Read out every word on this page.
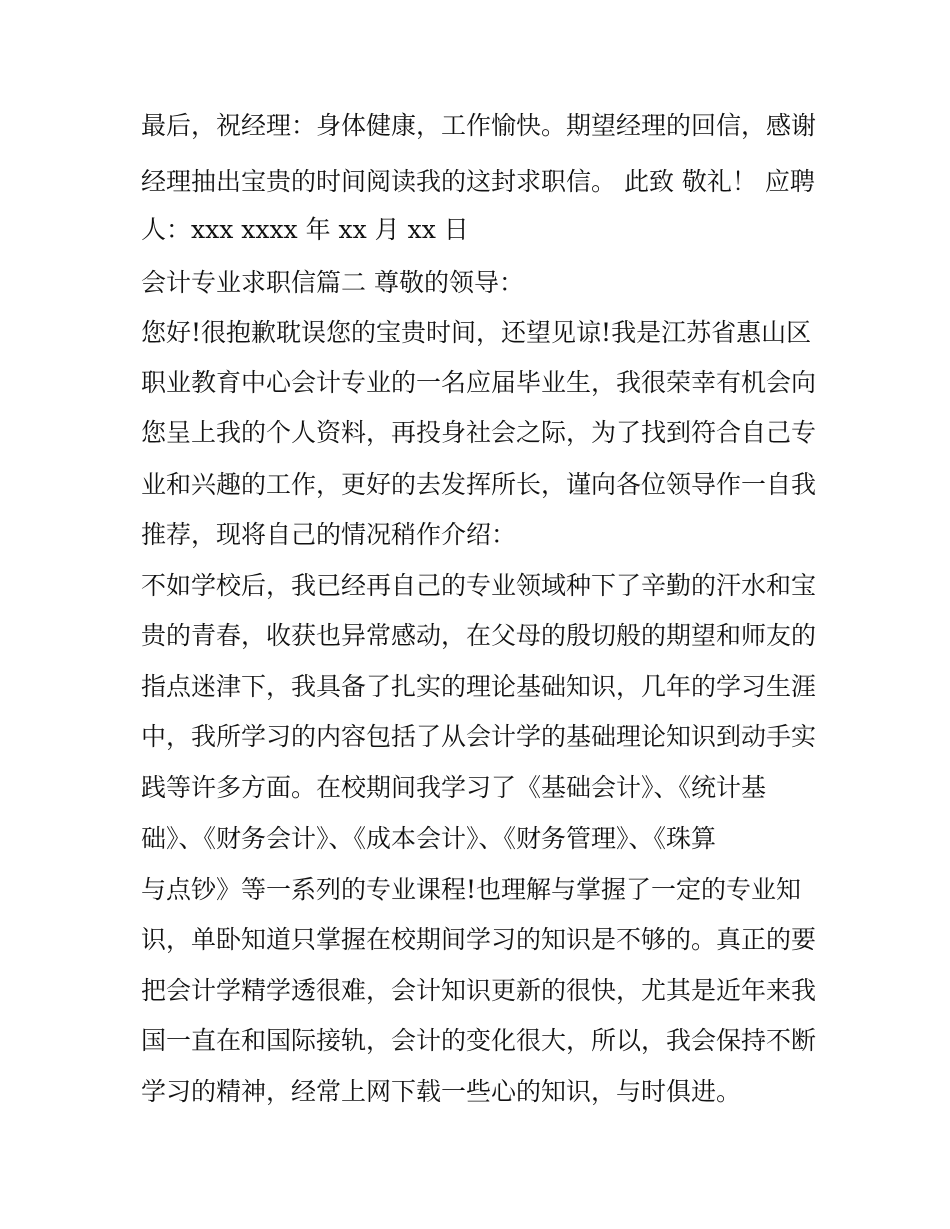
最后，祝经理：身体健康，工作愉快。期望经理的回信，感谢
经理抽出宝贵的时间阅读我的这封求职信。 此致 敬礼！ 应聘
人：xxx xxxx 年 xx 月 xx 日
会计专业求职信篇二 尊敬的领导：
您好!很抱歉耽误您的宝贵时间，还望见谅!我是江苏省惠山区
职业教育中心会计专业的一名应届毕业生，我很荣幸有机会向
您呈上我的个人资料，再投身社会之际，为了找到符合自己专
业和兴趣的工作，更好的去发挥所长，谨向各位领导作一自我
推荐，现将自己的情况稍作介绍：
不如学校后，我已经再自己的专业领域种下了辛勤的汗水和宝
贵的青春，收获也异常感动，在父母的殷切般的期望和师友的
指点迷津下，我具备了扎实的理论基础知识，几年的学习生涯
中，我所学习的内容包括了从会计学的基础理论知识到动手实
践等许多方面。在校期间我学习了《基础会计》、《统计基
础》、《财务会计》、《成本会计》、《财务管理》、《珠算
与点钞》等一系列的专业课程!也理解与掌握了一定的专业知
识，单卧知道只掌握在校期间学习的知识是不够的。真正的要
把会计学精学透很难，会计知识更新的很快，尤其是近年来我
国一直在和国际接轨，会计的变化很大，所以，我会保持不断
学习的精神，经常上网下载一些心的知识，与时俱进。
